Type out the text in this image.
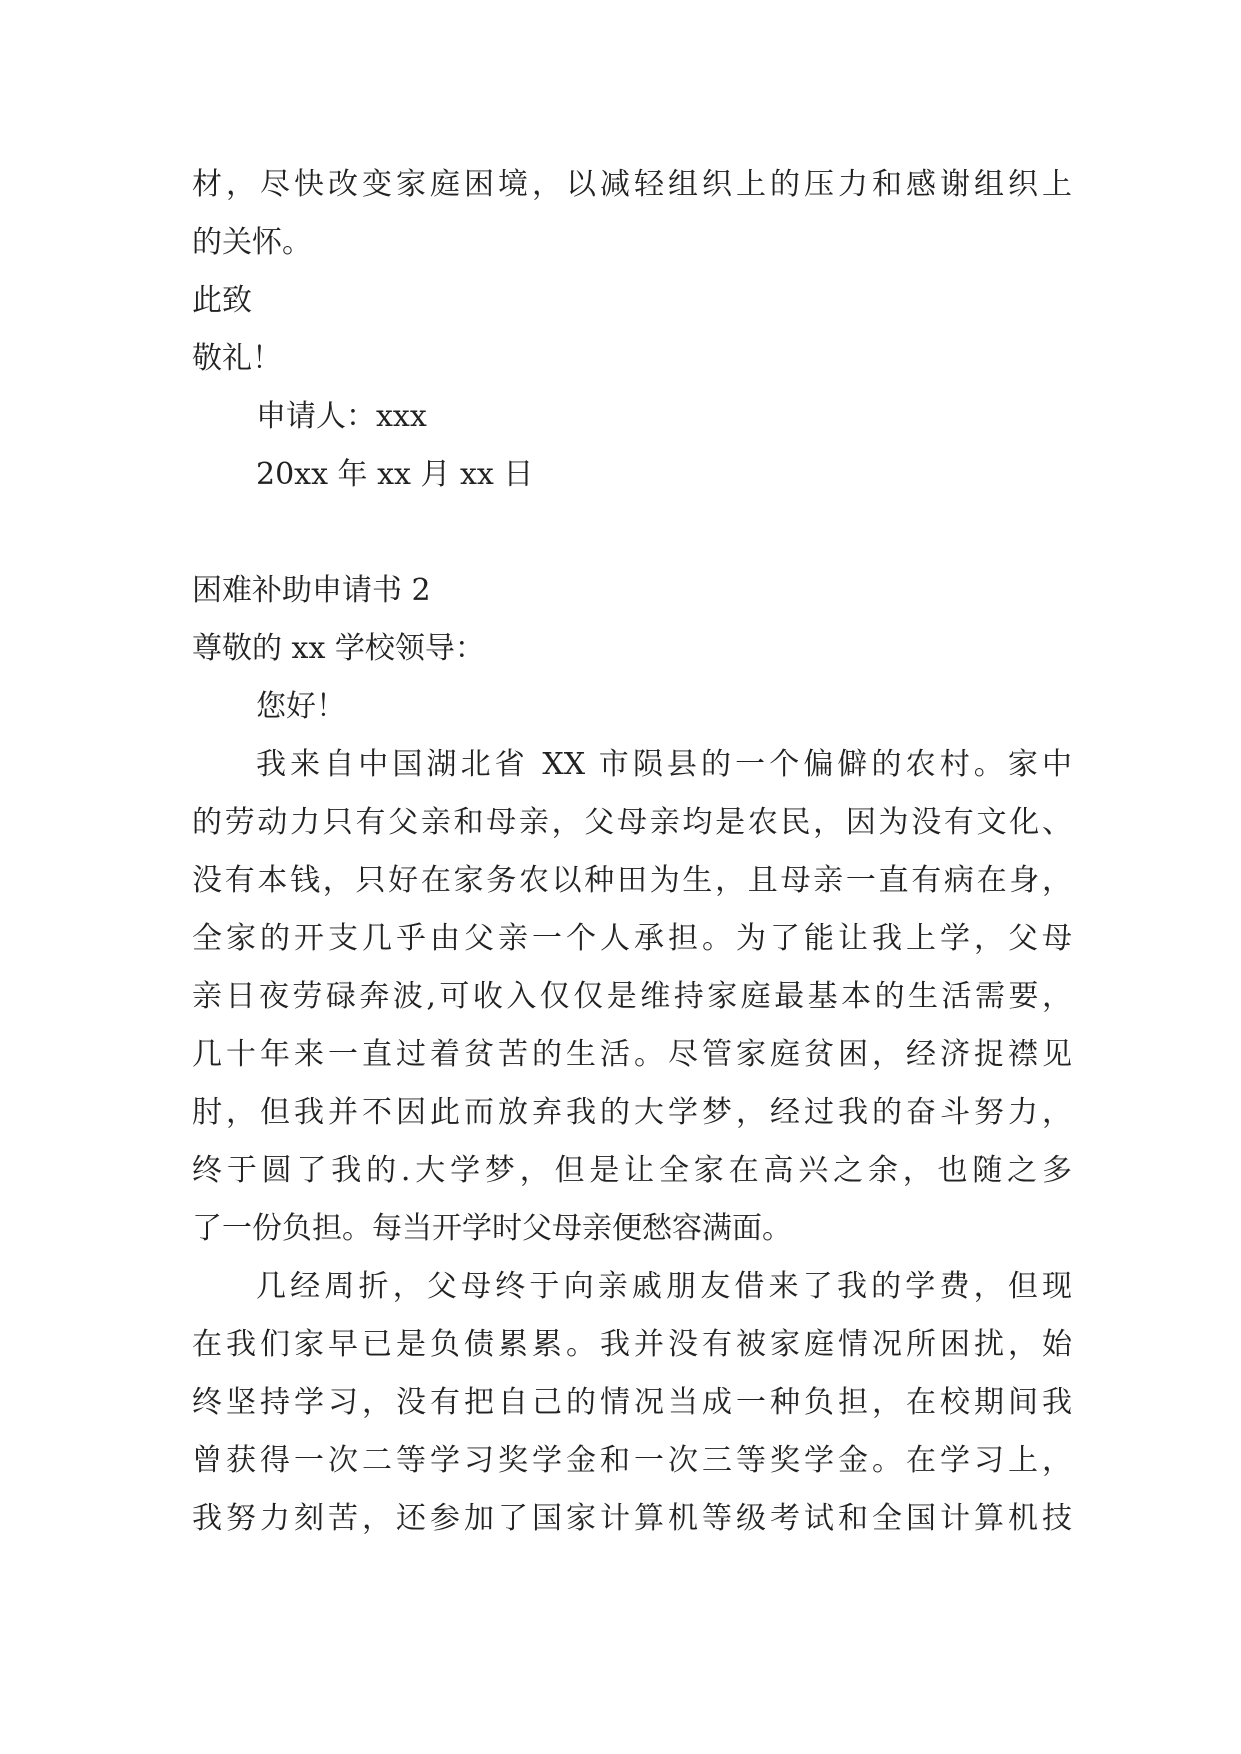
材，尽快改变家庭困境，以减轻组织上的压力和感谢组织上
的关怀。
此致
敬礼！
申请人：xxx
20xx 年 xx 月 xx 日
困难补助申请书 2
尊敬的 xx 学校领导：
您好！
我来自中国湖北省 XX 市陨县的一个偏僻的农村。家中
的劳动力只有父亲和母亲，父母亲均是农民，因为没有文化、
没有本钱，只好在家务农以种田为生，且母亲一直有病在身，
全家的开支几乎由父亲一个人承担。为了能让我上学，父母
亲日夜劳碌奔波,可收入仅仅是维持家庭最基本的生活需要，
几十年来一直过着贫苦的生活。尽管家庭贫困，经济捉襟见
肘，但我并不因此而放弃我的大学梦，经过我的奋斗努力，
终于圆了我的.大学梦，但是让全家在高兴之余，也随之多
了一份负担。每当开学时父母亲便愁容满面。
几经周折，父母终于向亲戚朋友借来了我的学费，但现
在我们家早已是负债累累。我并没有被家庭情况所困扰，始
终坚持学习，没有把自己的情况当成一种负担，在校期间我
曾获得一次二等学习奖学金和一次三等奖学金。在学习上，
我努力刻苦，还参加了国家计算机等级考试和全国计算机技
